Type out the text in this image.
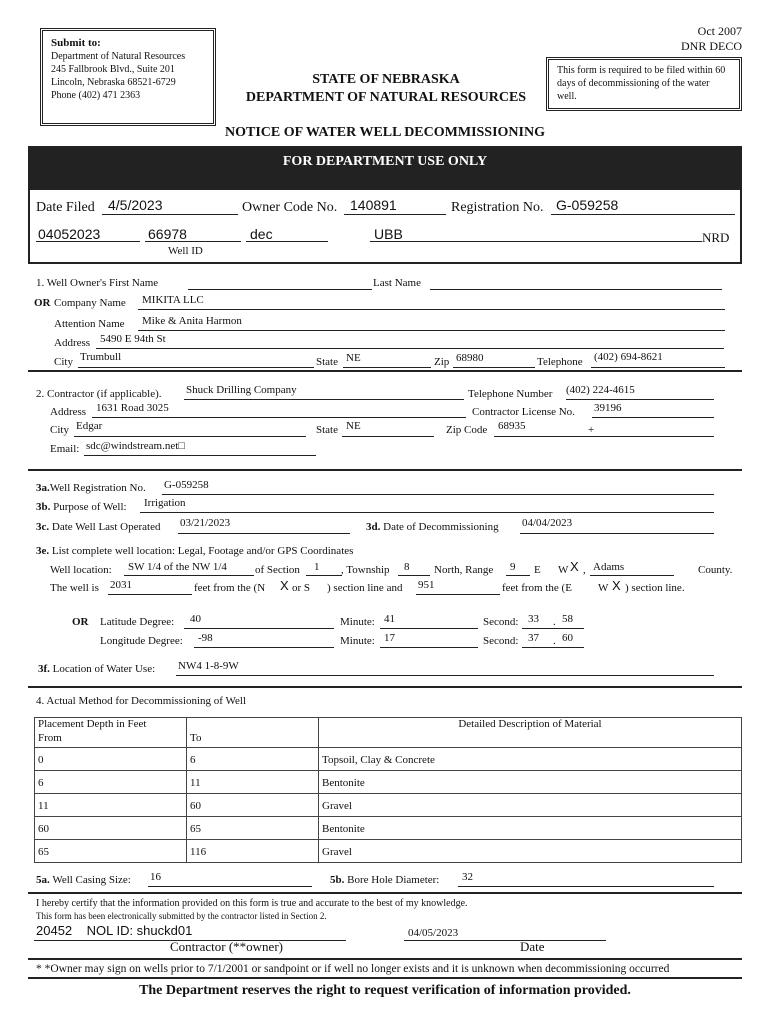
Submit to:
Department of Natural Resources
245 Fallbrook Blvd., Suite 201
Lincoln, Nebraska 68521-6729
Phone (402) 471 2363
Oct 2007
DNR DECO
STATE OF NEBRASKA
DEPARTMENT OF NATURAL RESOURCES
This form is required to be filed within 60 days of decommissioning of the water well.
NOTICE OF WATER WELL DECOMMISSIONING
FOR DEPARTMENT USE ONLY
Date Filed 4/5/2023	Owner Code No. 140891	Registration No. G-059258
04052023	66978	dec	UBB	NRD
Well ID
1. Well Owner's First Name	Last Name
OR Company Name MIKITA LLC
Attention Name Mike & Anita Harmon
Address 5490 E 94th St
City Trumbull	State NE	Zip 68980	Telephone (402) 694-8621
2. Contractor (if applicable). Shuck Drilling Company	Telephone Number (402) 224-4615
Address 1631 Road 3025	Contractor License No. 39196
City Edgar	State NE	Zip Code 68935	+
Email: sdc@windstream.net□
3a.Well Registration No. G-059258
3b. Purpose of Well: Irrigation
3c. Date Well Last Operated 03/21/2023	3d. Date of Decommissioning 04/04/2023
3e. List complete well location: Legal, Footage and/or GPS Coordinates
Well location: SW 1/4 of the NW 1/4	of Section 1 , Township 8 North, Range 9 E W X , Adams	County.
The well is 2031	feet from the (N X or S ) section line and 951	feet from the (E W X ) section line.
OR Latitude Degree: 40	Minute: 41	Second: 33 . 58
Longitude Degree: -98	Minute: 17	Second: 37 . 60
3f. Location of Water Use: NW4 1-8-9W
4. Actual Method for Decommissioning of Well
Placement Depth in Feet		Detailed Description of Material
From	To	
0	6	Topsoil, Clay & Concrete
6	11	Bentonite
11	60	Gravel
60	65	Bentonite
65	116	Gravel
5a. Well Casing Size: 16	5b. Bore Hole Diameter: 32
I hereby certify that the information provided on this form is true and accurate to the best of my knowledge.
This form has been electronically submitted by the contractor listed in Section 2.
20452    NOL ID: shuckd01
Contractor (**owner)
04/05/2023
Date
* *Owner may sign on wells prior to 7/1/2001 or sandpoint or if well no longer exists and it is unknown when decommissioning occurred
The Department reserves the right to request verification of information provided.
